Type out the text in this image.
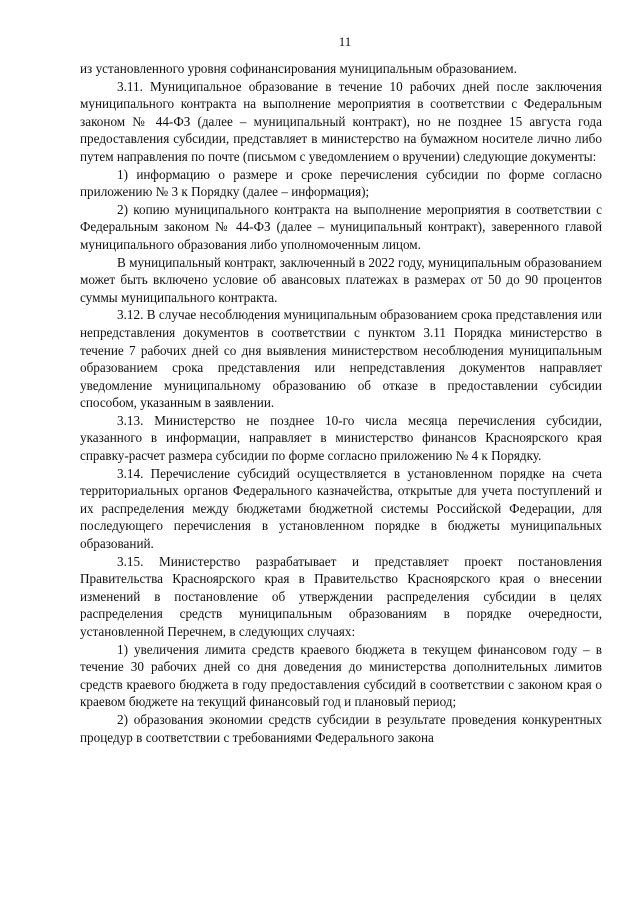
11

из установленного уровня софинансирования муниципальным образованием.

3.11. Муниципальное образование в течение 10 рабочих дней после заключения муниципального контракта на выполнение мероприятия в соответствии с Федеральным законом № 44-ФЗ (далее – муниципальный контракт), но не позднее 15 августа года предоставления субсидии, представляет в министерство на бумажном носителе лично либо путем направления по почте (письмом с уведомлением о вручении) следующие документы:

1) информацию о размере и сроке перечисления субсидии по форме согласно приложению № 3 к Порядку (далее – информация);

2) копию муниципального контракта на выполнение мероприятия в соответствии с Федеральным законом № 44-ФЗ (далее – муниципальный контракт), заверенного главой муниципального образования либо уполномоченным лицом.

В муниципальный контракт, заключенный в 2022 году, муниципальным образованием может быть включено условие об авансовых платежах в размерах от 50 до 90 процентов суммы муниципального контракта.

3.12. В случае несоблюдения муниципальным образованием срока представления или непредставления документов в соответствии с пунктом 3.11 Порядка министерство в течение 7 рабочих дней со дня выявления министерством несоблюдения муниципальным образованием срока представления или непредставления документов направляет уведомление муниципальному образованию об отказе в предоставлении субсидии способом, указанным в заявлении.

3.13. Министерство не позднее 10-го числа месяца перечисления субсидии, указанного в информации, направляет в министерство финансов Красноярского края справку-расчет размера субсидии по форме согласно приложению № 4 к Порядку.

3.14. Перечисление субсидий осуществляется в установленном порядке на счета территориальных органов Федерального казначейства, открытые для учета поступлений и их распределения между бюджетами бюджетной системы Российской Федерации, для последующего перечисления в установленном порядке в бюджеты муниципальных образований.

3.15. Министерство разрабатывает и представляет проект постановления Правительства Красноярского края в Правительство Красноярского края о внесении изменений в постановление об утверждении распределения субсидии в целях распределения средств муниципальным образованиям в порядке очередности, установленной Перечнем, в следующих случаях:

1) увеличения лимита средств краевого бюджета в текущем финансовом году – в течение 30 рабочих дней со дня доведения до министерства дополнительных лимитов средств краевого бюджета в году предоставления субсидий в соответствии с законом края о краевом бюджете на текущий финансовый год и плановый период;

2) образования экономии средств субсидии в результате проведения конкурентных процедур в соответствии с требованиями Федерального закона
